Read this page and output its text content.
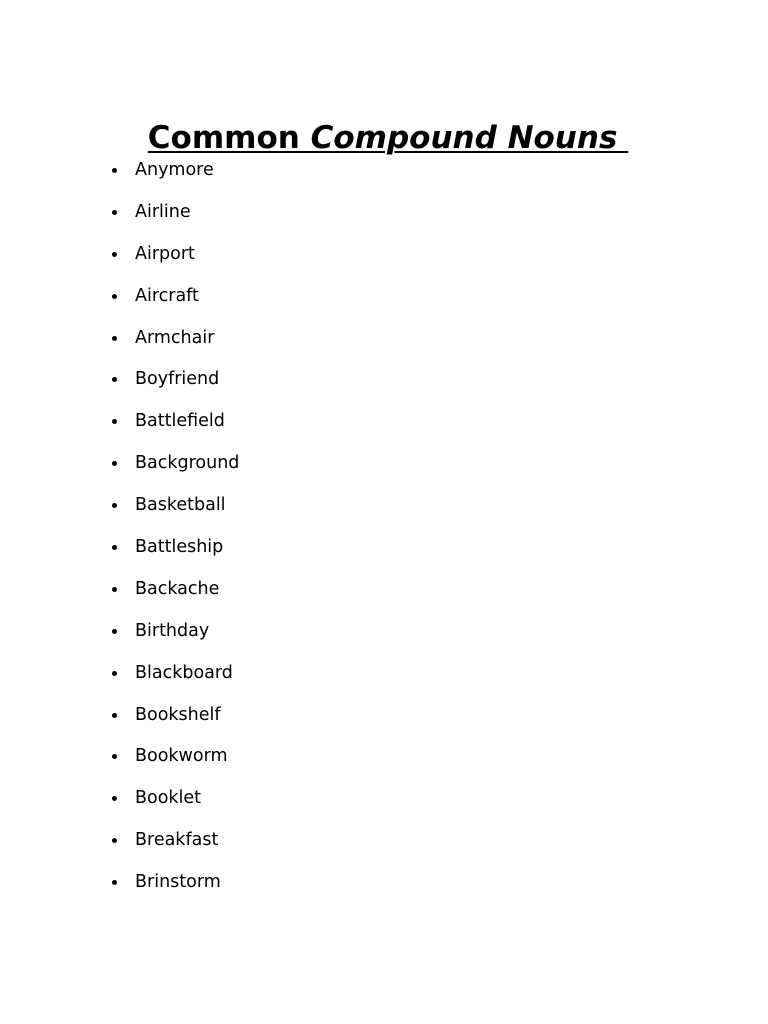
Common Compound Nouns
Anymore
Airline
Airport
Aircraft
Armchair
Boyfriend
Battlefield
Background
Basketball
Battleship
Backache
Birthday
Blackboard
Bookshelf
Bookworm
Booklet
Breakfast
Brinstorm
